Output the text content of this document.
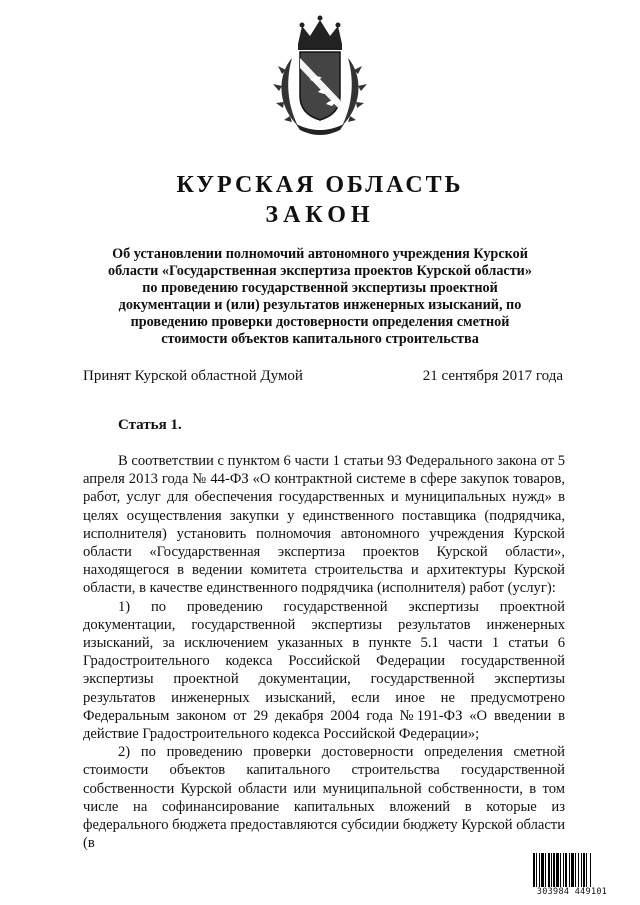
КУРСКАЯ ОБЛАСТЬ
ЗАКОН
Об установлении полномочий автономного учреждения Курской области «Государственная экспертиза проектов Курской области» по проведению государственной экспертизы проектной документации и (или) результатов инженерных изысканий, по проведению проверки достоверности определения сметной стоимости объектов капитального строительства
Принят Курской областной Думой	21 сентября 2017 года
Статья 1.

В соответствии с пунктом 6 части 1 статьи 93 Федерального закона от 5 апреля 2013 года № 44-ФЗ «О контрактной системе в сфере закупок товаров, работ, услуг для обеспечения государственных и муниципальных нужд» в целях осуществления закупки у единственного поставщика (подрядчика, исполнителя) установить полномочия автономного учреждения Курской области «Государственная экспертиза проектов Курской области», находящегося в ведении комитета строительства и архитектуры Курской области, в качестве единственного подрядчика (исполнителя) работ (услуг):

1) по проведению государственной экспертизы проектной документации, государственной экспертизы результатов инженерных изысканий, за исключением указанных в пункте 5.1 части 1 статьи 6 Градостроительного кодекса Российской Федерации государственной экспертизы проектной документации, государственной экспертизы результатов инженерных изысканий, если иное не предусмотрено Федеральным законом от 29 декабря 2004 года №191-ФЗ «О введении в действие Градостроительного кодекса Российской Федерации»;

2) по проведению проверки достоверности определения сметной стоимости объектов капитального строительства государственной собственности Курской области или муниципальной собственности, в том числе на софинансирование капитальных вложений в которые из федерального бюджета предоставляются субсидии бюджету Курской области (в

303984 449101
